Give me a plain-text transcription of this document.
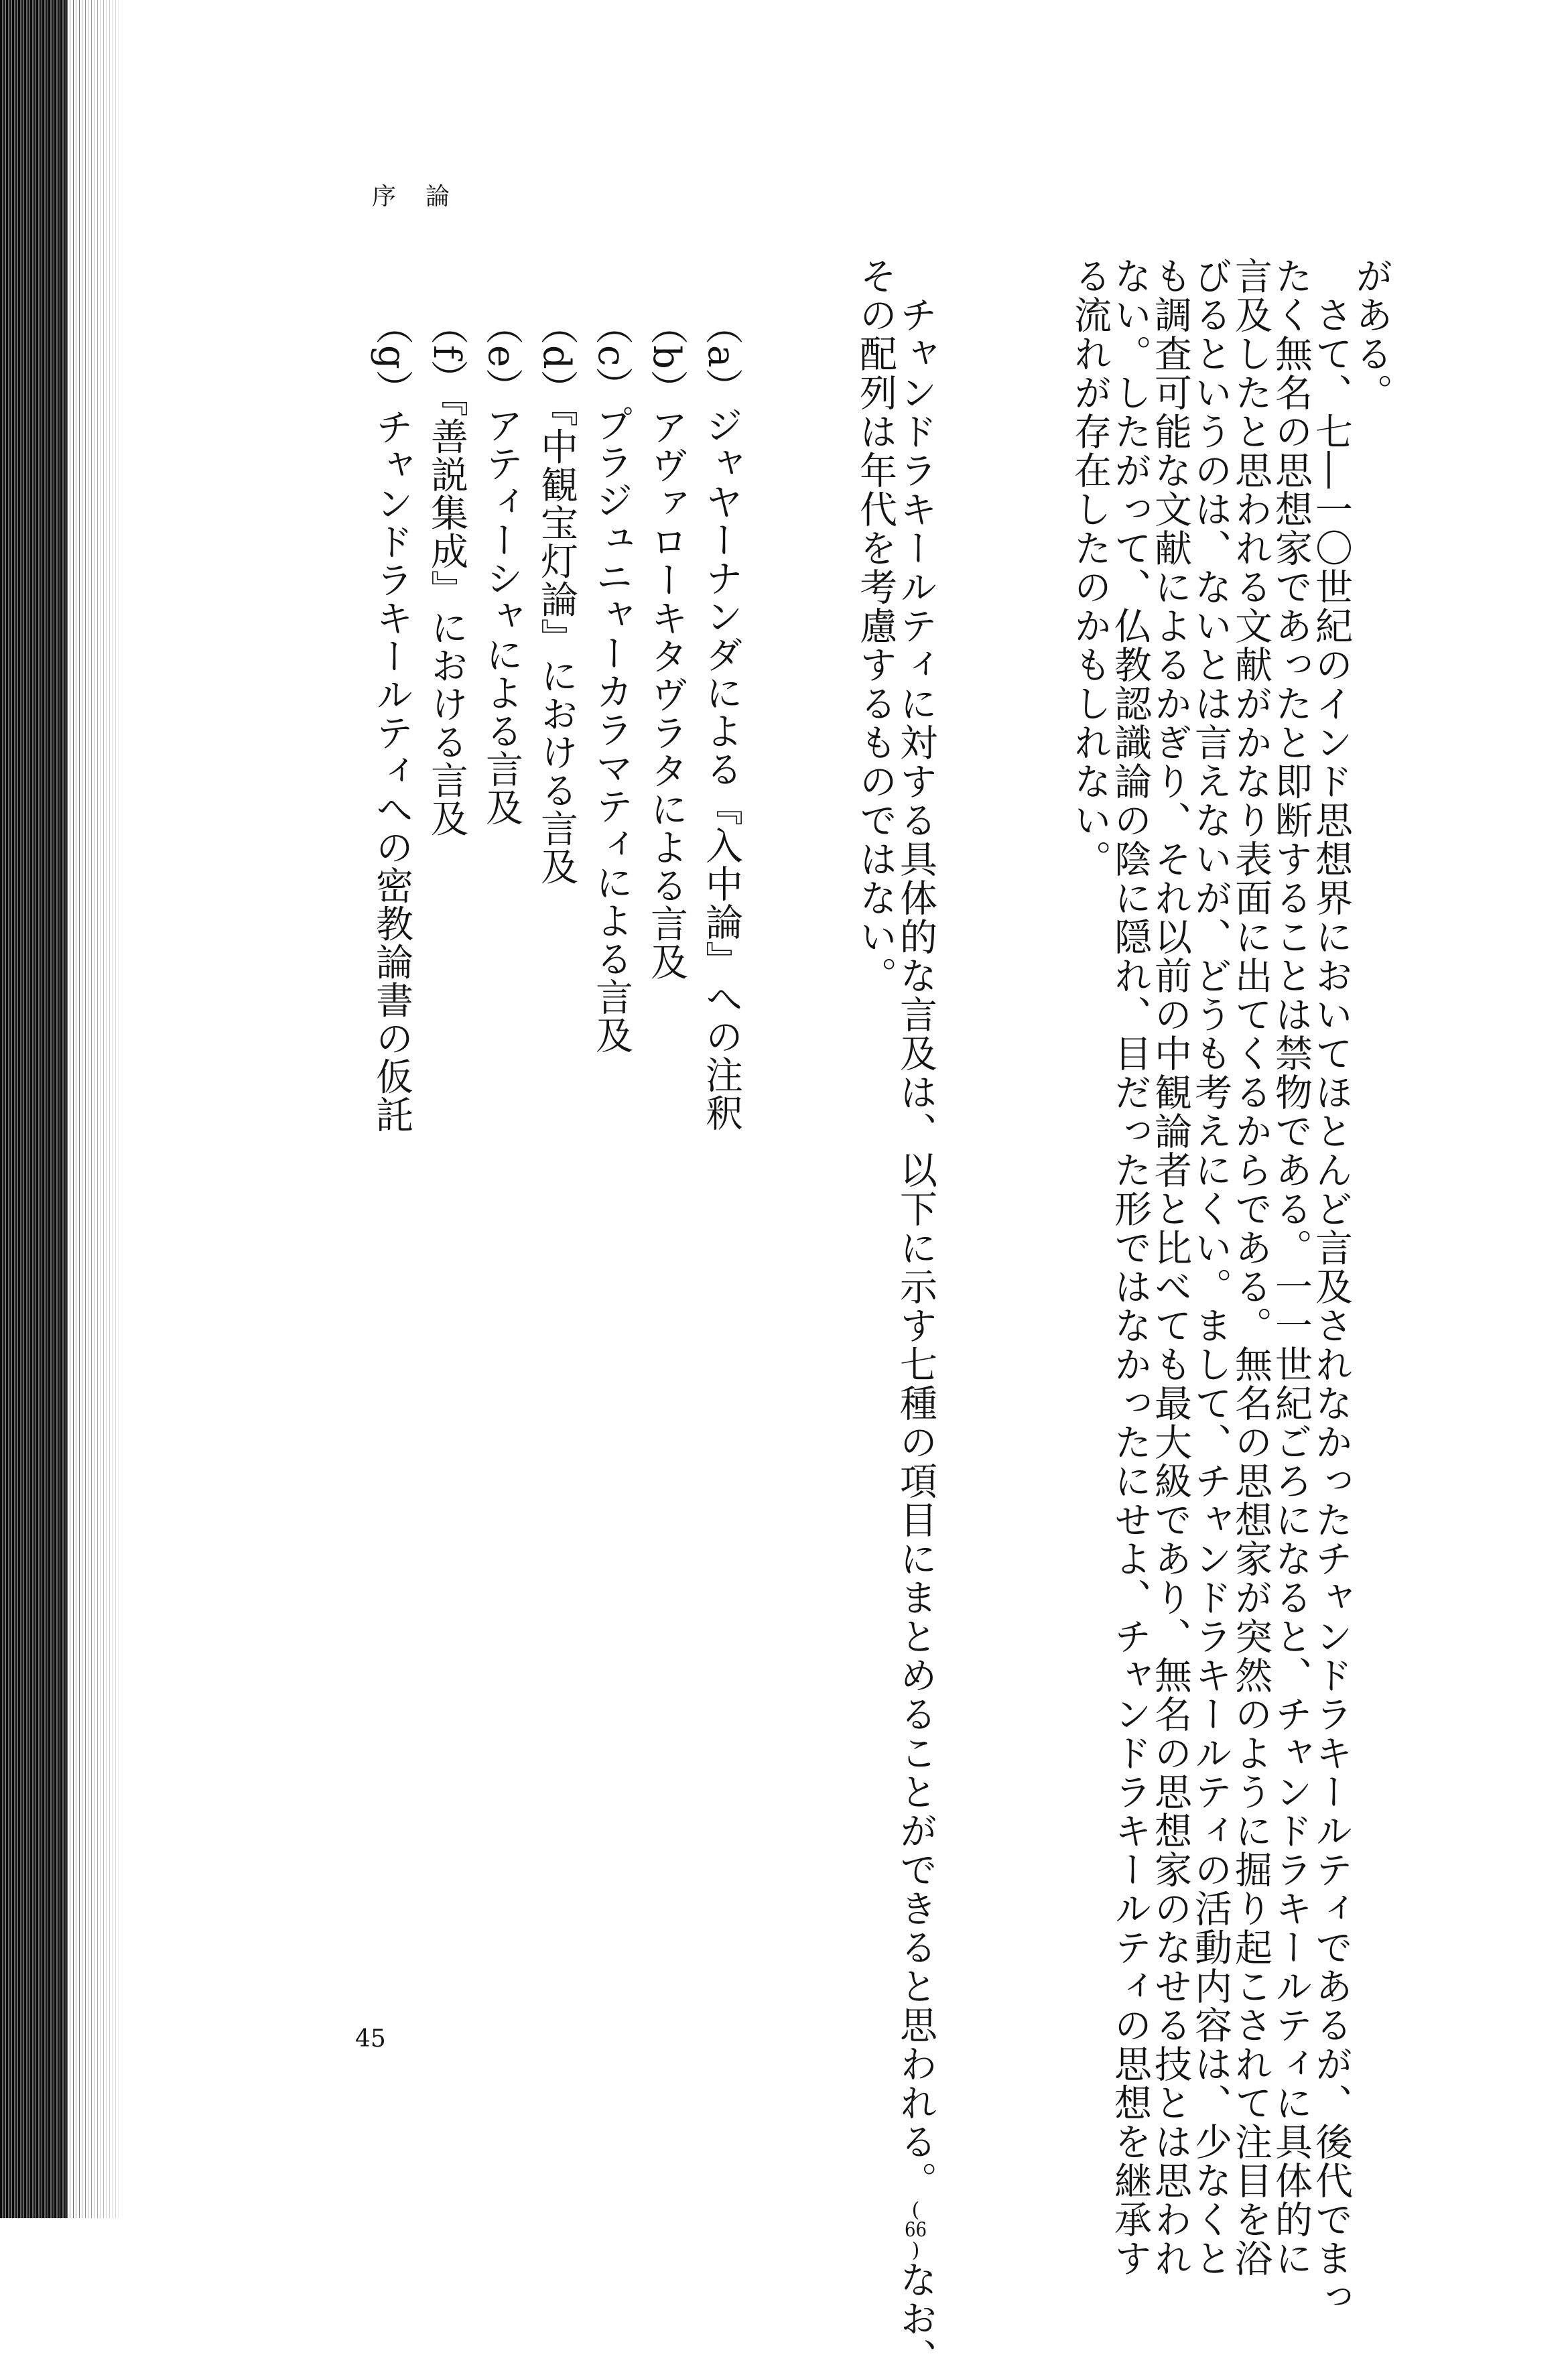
序論
がある。
さて、七―一〇世紀のインド思想界においてほとんど言及されなかったチャンドラキールティであるが、後代でまっ
たく無名の思想家であったと即断することは禁物である。一一世紀ごろになると、チャンドラキールティに具体的に
言及したと思われる文献がかなり表面に出てくるからである。無名の思想家が突然のように掘り起こされて注目を浴
びるというのは、ないとは言えないが、どうも考えにくい。まして、チャンドラキールティの活動内容は、少なくと
も調査可能な文献によるかぎり、それ以前の中観論者と比べても最大級であり、無名の思想家のなせる技とは思われ
ない。したがって、仏教認識論の陰に隠れ、目だった形ではなかったにせよ、チャンドラキールティの思想を継承す
る流れが存在したのかもしれない。
チャンドラキールティに対する具体的な言及は、以下に示す七種の項目にまとめることができると思われる。(66)なお、
その配列は年代を考慮するものではない。
（a）ジャヤーナンダによる『入中論』への注釈
（b）アヴァローキタヴラタによる言及
（c）プラジュニャーカラマティによる言及
（d）『中観宝灯論』における言及
（e）アティーシャによる言及
（f）『善説集成』における言及
（g）チャンドラキールティへの密教論書の仮託
45
